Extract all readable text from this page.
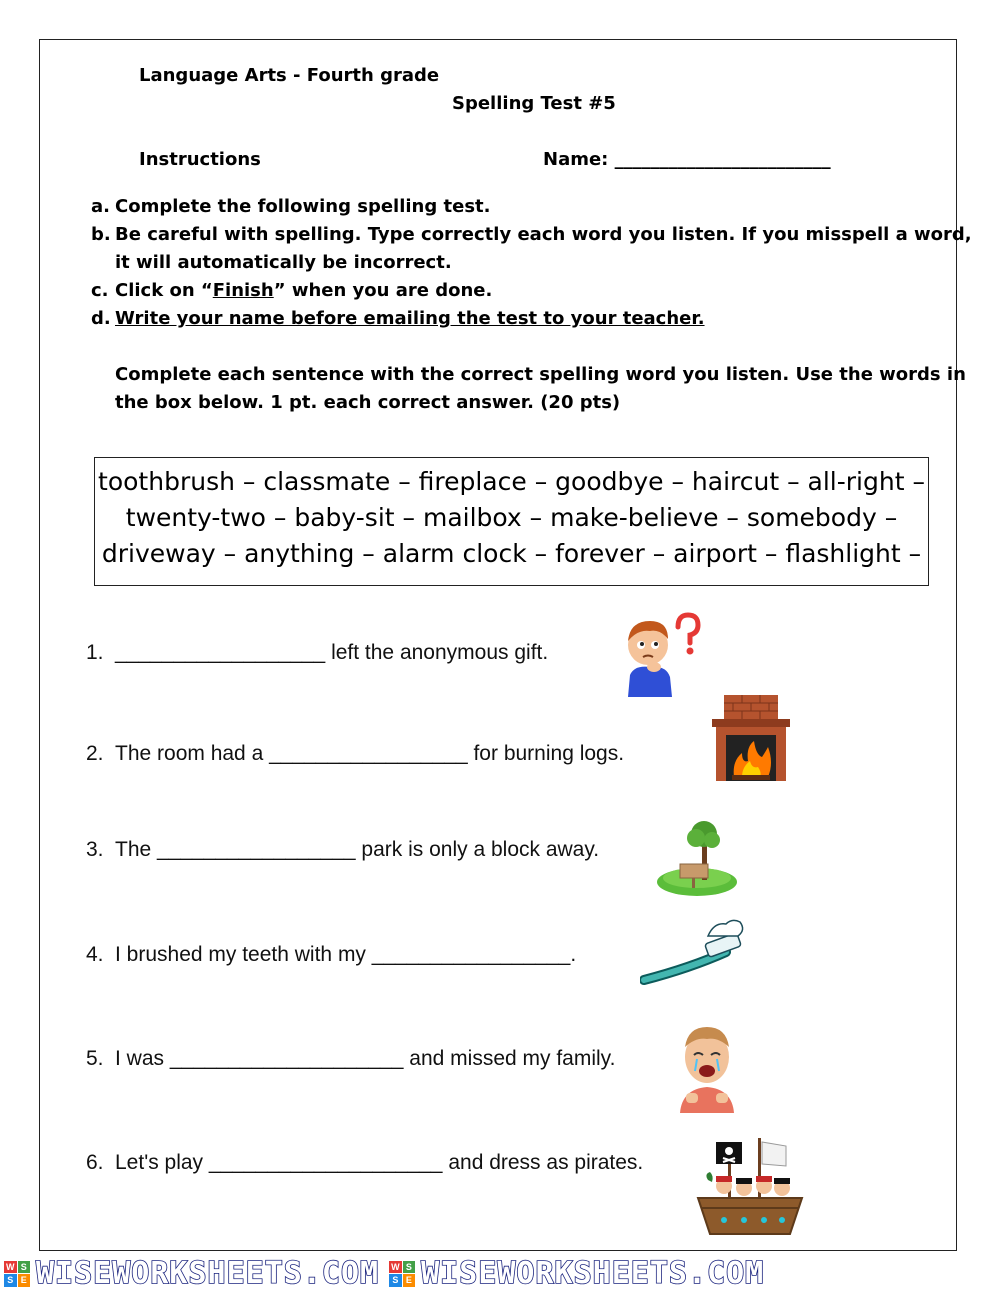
Language Arts - Fourth grade
Spelling Test #5
Instructions	Name: ________________________
a. Complete the following spelling test.
b. Be careful with spelling. Type correctly each word you listen. If you misspell a word,
it will automatically be incorrect.
c. Click on “Finish” when you are done.
d. Write your name before emailing the test to your teacher.
Complete each sentence with the correct spelling word you listen. Use the words in
the box below. 1 pt. each correct answer. (20 pts)
toothbrush – classmate – fireplace – goodbye – haircut – all-right –
twenty-two – baby-sit – mailbox – make-believe – somebody –
driveway – anything – alarm clock – forever – airport – flashlight –
1. __________________ left the anonymous gift.
2. The room had a _________________ for burning logs.
3. The _________________ park is only a block away.
4. I brushed my teeth with my _________________.
5. I was ____________________ and missed my family.
6. Let's play ____________________ and dress as pirates.
W S
S E WISEWORKSHEETS.COM W S
S E WISEWORKSHEETS.COM
